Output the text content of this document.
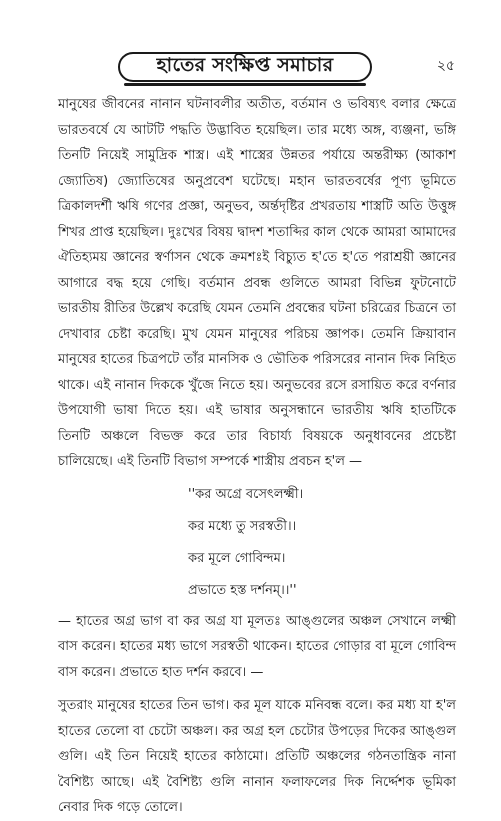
হাতের সংক্ষিপ্ত সমাচার	২৫

মানুষের জীবনের নানান ঘটনাবলীর অতীত, বর্তমান ও ভবিষ্যৎ বলার ক্ষেত্রে ভারতবর্ষে যে আটটি পদ্ধতি উদ্ভাবিত হয়েছিল। তার মধ্যে অঙ্গ, ব্যঞ্জনা, ভঙ্গি তিনটি নিয়েই সামুদ্রিক শাস্ত্র। এই শাস্ত্রের উন্নতর পর্যায়ে অন্তরীক্ষ্য (আকাশ জ্যোতিষ) জ্যোতিষের অনুপ্রবেশ ঘটেছে। মহান ভারতবর্ষের পূণ্য ভূমিতে ত্রিকালদর্শী ঋষি গণের প্রজ্ঞা, অনুভব, অর্ন্তদৃষ্টির প্রখরতায় শাস্ত্রটি অতি উত্তুঙ্গ শিখর প্রাপ্ত হয়েছিল। দুঃখের বিষয় দ্বাদশ শতাব্দির কাল থেকে আমরা আমাদের ঐতিহ্যময় জ্ঞানের স্বর্ণাসন থেকে ক্রমশঃই বিচ্যুত হ'তে হ'তে পরাশ্রয়ী জ্ঞানের আগারে বদ্ধ হয়ে গেছি। বর্তমান প্রবন্ধ গুলিতে আমরা বিভিন্ন ফুটনোটে ভারতীয় রীতির উল্লেখ করেছি যেমন তেমনি প্রবন্ধের ঘটনা চরিত্রের চিত্রনে তা দেখাবার চেষ্টা করেছি। মুখ যেমন মানুষের পরিচয় জ্ঞাপক। তেমনি ক্রিয়াবান মানুষের হাতের চিত্রপটে তাঁর মানসিক ও ভৌতিক পরিসরের নানান দিক নিহিত থাকে। এই নানান দিককে খুঁজে নিতে হয়। অনুভবের রসে রসায়িত করে বর্ণনার উপযোগী ভাষা দিতে হয়। এই ভাষার অনুসন্ধানে ভারতীয় ঋষি হাতটিকে তিনটি অঞ্চলে বিভক্ত করে তার বিচার্য্য বিষয়কে অনুধাবনের প্রচেষ্টা চালিয়েছে। এই তিনটি বিভাগ সম্পর্কে শাস্ত্রীয় প্রবচন হ'ল —

''কর অগ্রে বসেৎলক্ষ্মী।
কর মধ্যে তু সরস্বতী।।
কর মূলে গোবিন্দম।
প্রভাতে হস্ত দর্শনম্।।''

— হাতের অগ্র ভাগ বা কর অগ্র যা মূলতঃ আঙ্গুলের অঞ্চল সেখানে লক্ষ্মী বাস করেন। হাতের মধ্য ভাগে সরস্বতী থাকেন। হাতের গোড়ার বা মূলে গোবিন্দ বাস করেন। প্রভাতে হাত দর্শন করবে। —

সুতরাং মানুষের হাতের তিন ভাগ। কর মূল যাকে মনিবন্ধ বলে। কর মধ্য যা হ'ল হাতের তেলো বা চেটো অঞ্চল। কর অগ্র হল চেটোর উপড়ের দিকের আঙ্গুল গুলি। এই তিন নিয়েই হাতের কাঠামো। প্রতিটি অঞ্চলের গঠনতান্ত্রিক নানা বৈশিষ্ট্য আছে। এই বৈশিষ্ট্য গুলি নানান ফলাফলের দিক নির্দ্দেশক ভূমিকা নেবার দিক গড়ে তোলে।
